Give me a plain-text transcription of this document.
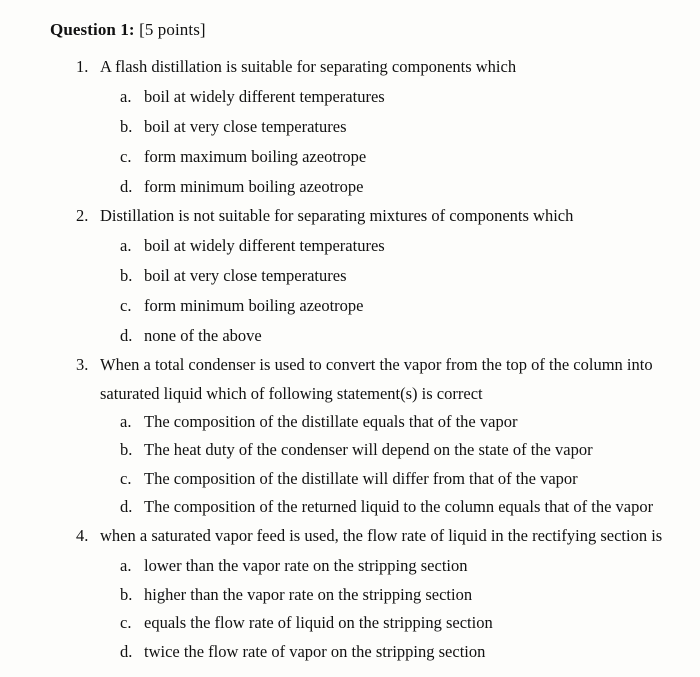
Question 1: [5 points]
1. A flash distillation is suitable for separating components which
a. boil at widely different temperatures
b. boil at very close temperatures
c. form maximum boiling azeotrope
d. form minimum boiling azeotrope
2. Distillation is not suitable for separating mixtures of components which
a. boil at widely different temperatures
b. boil at very close temperatures
c. form minimum boiling azeotrope
d. none of the above
3. When a total condenser is used to convert the vapor from the top of the column into
saturated liquid which of following statement(s) is correct
a. The composition of the distillate equals that of the vapor
b. The heat duty of the condenser will depend on the state of the vapor
c. The composition of the distillate will differ from that of the vapor
d. The composition of the returned liquid to the column equals that of the vapor
4. when a saturated vapor feed is used, the flow rate of liquid in the rectifying section is
a. lower than the vapor rate on the stripping section
b. higher than the vapor rate on the stripping section
c. equals the flow rate of liquid on the stripping section
d. twice the flow rate of vapor on the stripping section
